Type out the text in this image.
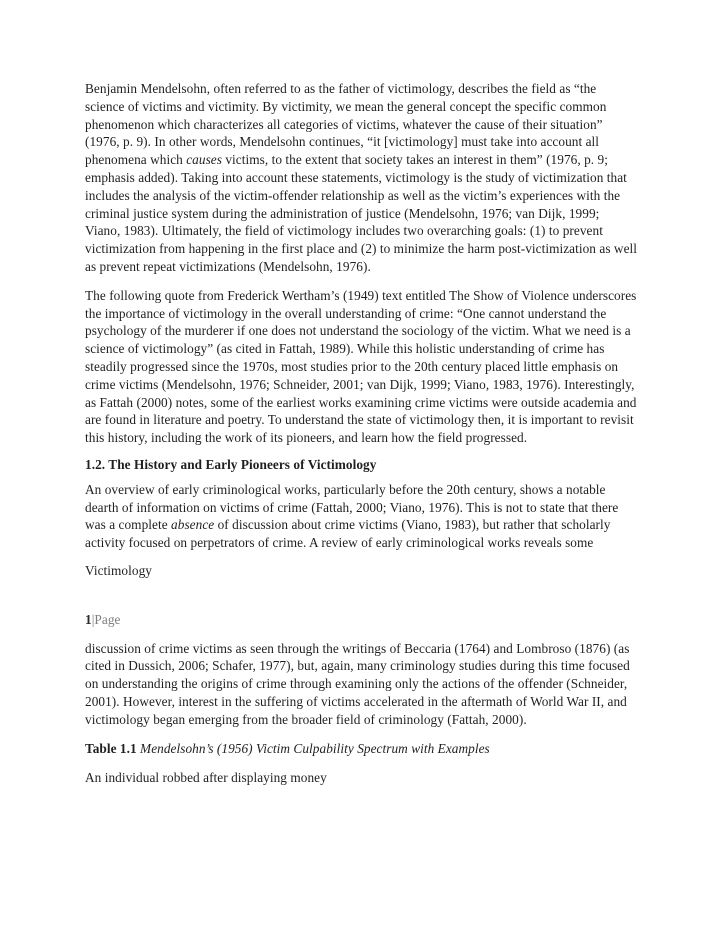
Benjamin Mendelsohn, often referred to as the father of victimology, describes the field as “the science of victims and victimity. By victimity, we mean the general concept the specific common phenomenon which characterizes all categories of victims, whatever the cause of their situation” (1976, p. 9). In other words, Mendelsohn continues, “it [victimology] must take into account all phenomena which causes victims, to the extent that society takes an interest in them” (1976, p. 9; emphasis added). Taking into account these statements, victimology is the study of victimization that includes the analysis of the victim-offender relationship as well as the victim’s experiences with the criminal justice system during the administration of justice (Mendelsohn, 1976; van Dijk, 1999; Viano, 1983). Ultimately, the field of victimology includes two overarching goals: (1) to prevent victimization from happening in the first place and (2) to minimize the harm post-victimization as well as prevent repeat victimizations (Mendelsohn, 1976).

The following quote from Frederick Wertham’s (1949) text entitled The Show of Violence underscores the importance of victimology in the overall understanding of crime: “One cannot understand the psychology of the murderer if one does not understand the sociology of the victim. What we need is a science of victimology” (as cited in Fattah, 1989). While this holistic understanding of crime has steadily progressed since the 1970s, most studies prior to the 20th century placed little emphasis on crime victims (Mendelsohn, 1976; Schneider, 2001; van Dijk, 1999; Viano, 1983, 1976). Interestingly, as Fattah (2000) notes, some of the earliest works examining crime victims were outside academia and are found in literature and poetry. To understand the state of victimology then, it is important to revisit this history, including the work of its pioneers, and learn how the field progressed.

1.2. The History and Early Pioneers of Victimology

An overview of early criminological works, particularly before the 20th century, shows a notable dearth of information on victims of crime (Fattah, 2000; Viano, 1976). This is not to state that there was a complete absence of discussion about crime victims (Viano, 1983), but rather that scholarly activity focused on perpetrators of crime. A review of early criminological works reveals some

Victimology

1|Page

discussion of crime victims as seen through the writings of Beccaria (1764) and Lombroso (1876) (as cited in Dussich, 2006; Schafer, 1977), but, again, many criminology studies during this time focused on understanding the origins of crime through examining only the actions of the offender (Schneider, 2001). However, interest in the suffering of victims accelerated in the aftermath of World War II, and victimology began emerging from the broader field of criminology (Fattah, 2000).

Table 1.1 Mendelsohn’s (1956) Victim Culpability Spectrum with Examples

An individual robbed after displaying money
